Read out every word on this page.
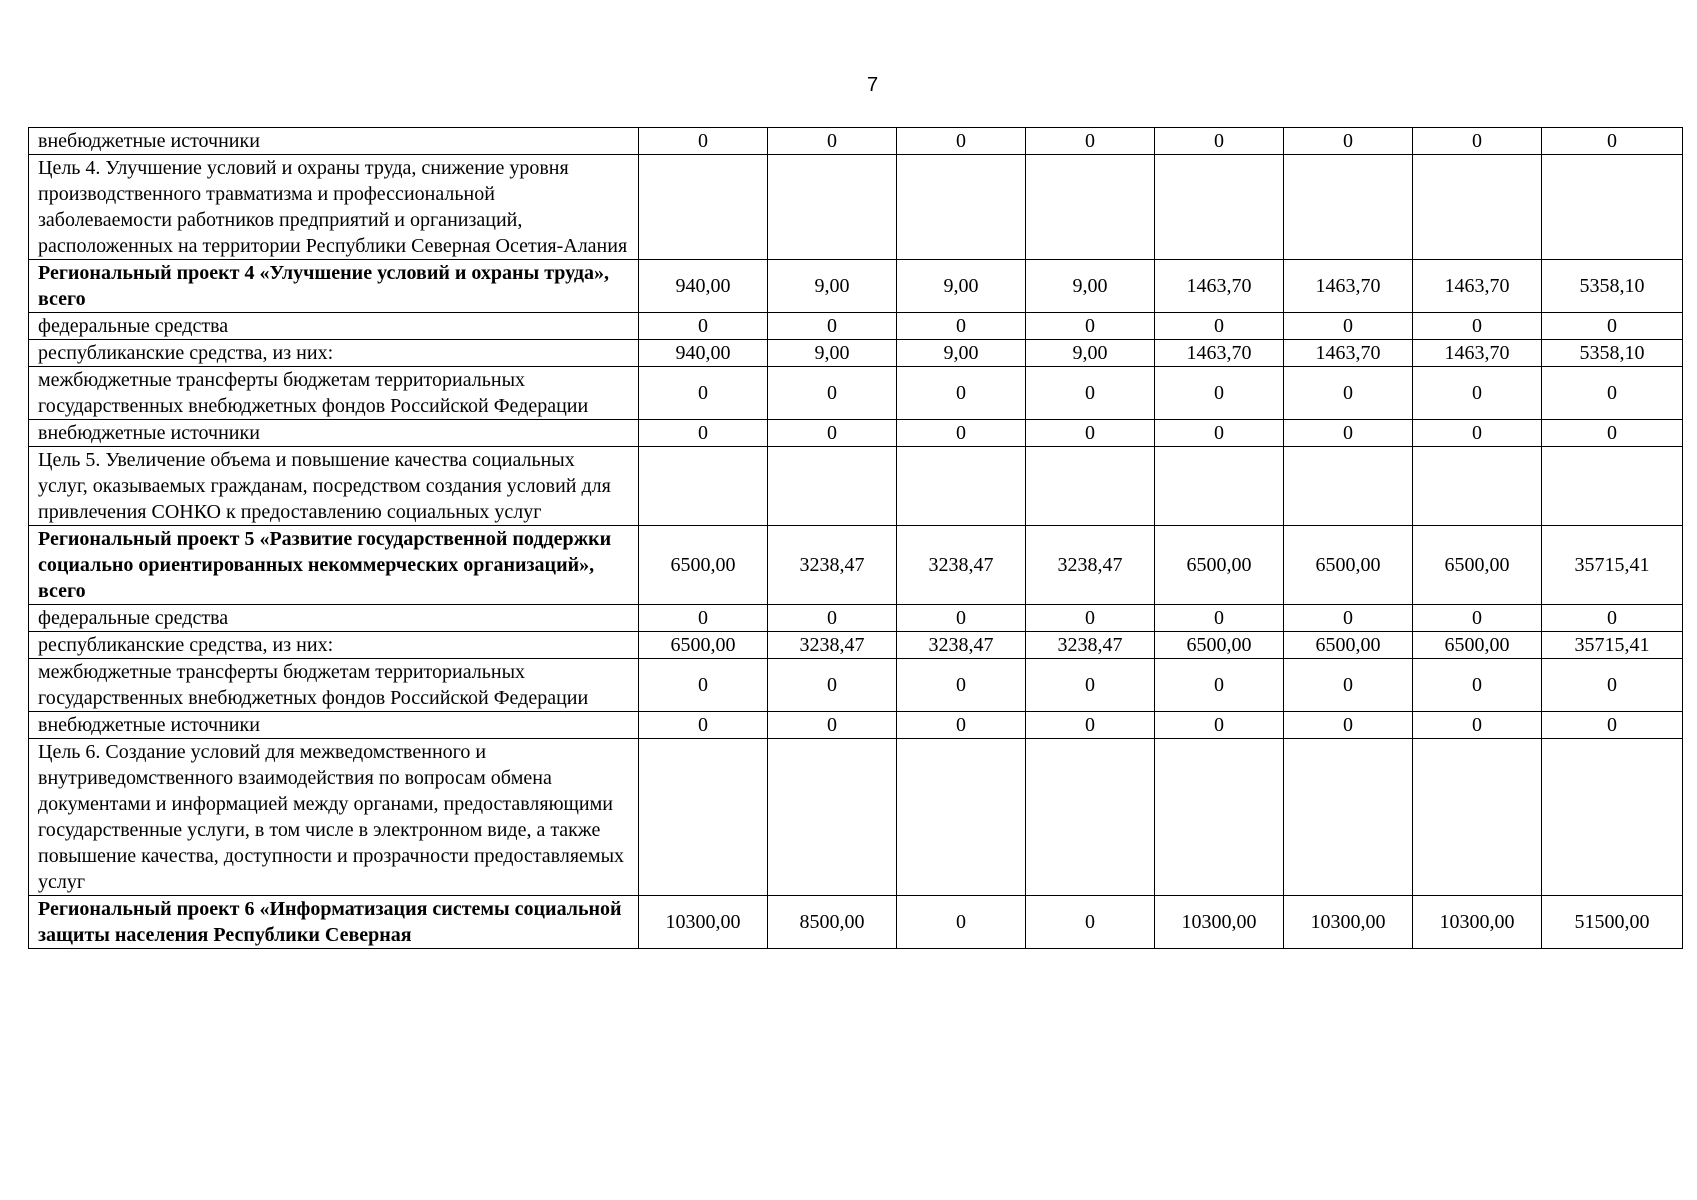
7
внебюджетные источники	0	0	0	0	0	0	0	0
Цель 4. Улучшение условий и охраны труда, снижение уровня производственного травматизма и профессиональной заболеваемости работников предприятий и организаций, расположенных на территории Республики Северная Осетия-Алания								
Региональный проект 4 «Улучшение условий и охраны труда», всего	940,00	9,00	9,00	9,00	1463,70	1463,70	1463,70	5358,10
федеральные средства	0	0	0	0	0	0	0	0
республиканские средства, из них:	940,00	9,00	9,00	9,00	1463,70	1463,70	1463,70	5358,10
межбюджетные трансферты бюджетам территориальных государственных внебюджетных фондов Российской Федерации	0	0	0	0	0	0	0	0
внебюджетные источники	0	0	0	0	0	0	0	0
Цель 5. Увеличение объема и повышение качества социальных услуг, оказываемых гражданам, посредством создания условий для привлечения СОНКО к предоставлению социальных услуг								
Региональный проект 5 «Развитие государственной поддержки социально ориентированных некоммерческих организаций», всего	6500,00	3238,47	3238,47	3238,47	6500,00	6500,00	6500,00	35715,41
федеральные средства	0	0	0	0	0	0	0	0
республиканские средства, из них:	6500,00	3238,47	3238,47	3238,47	6500,00	6500,00	6500,00	35715,41
межбюджетные трансферты бюджетам территориальных государственных внебюджетных фондов Российской Федерации	0	0	0	0	0	0	0	0
внебюджетные источники	0	0	0	0	0	0	0	0
Цель 6. Создание условий для межведомственного и внутриведомственного взаимодействия по вопросам обмена документами и информацией между органами, предоставляющими государственные услуги, в том числе в электронном виде, а также повышение качества, доступности и прозрачности предоставляемых услуг								
Региональный проект 6 «Информатизация системы социальной защиты населения Республики Северная	10300,00	8500,00	0	0	10300,00	10300,00	10300,00	51500,00
